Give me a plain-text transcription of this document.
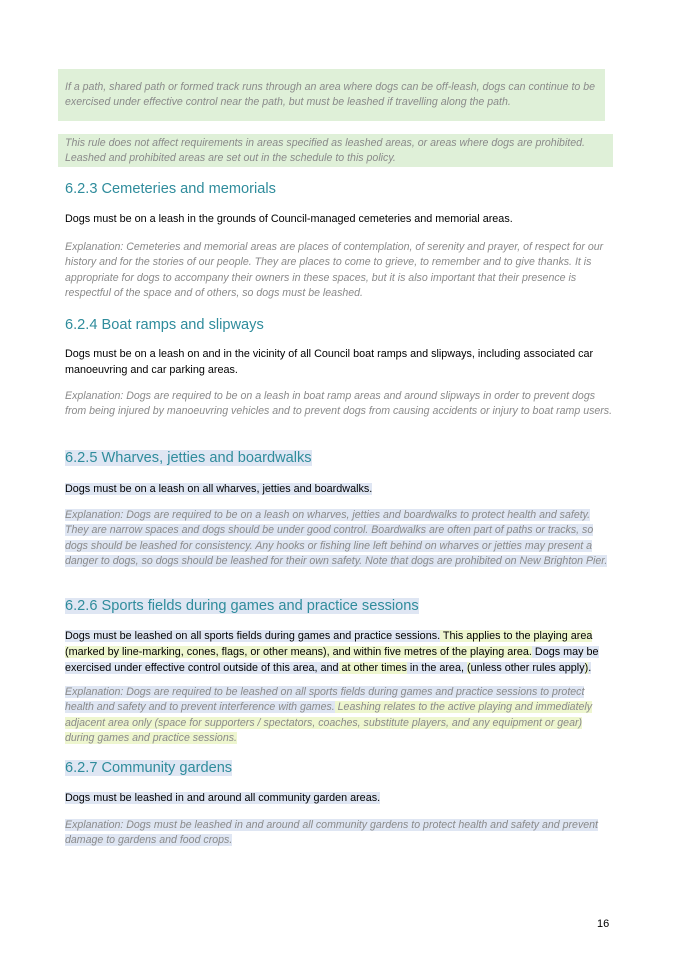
If a path, shared path or formed track runs through an area where dogs can be off-leash, dogs can continue to be exercised under effective control near the path, but must be leashed if travelling along the path.
This rule does not affect requirements in areas specified as leashed areas, or areas where dogs are prohibited. Leashed and prohibited areas are set out in the schedule to this policy.
6.2.3 Cemeteries and memorials
Dogs must be on a leash in the grounds of Council-managed cemeteries and memorial areas.
Explanation: Cemeteries and memorial areas are places of contemplation, of serenity and prayer, of respect for our history and for the stories of our people. They are places to come to grieve, to remember and to give thanks. It is appropriate for dogs to accompany their owners in these spaces, but it is also important that their presence is respectful of the space and of others, so dogs must be leashed.
6.2.4 Boat ramps and slipways
Dogs must be on a leash on and in the vicinity of all Council boat ramps and slipways, including associated car manoeuvring and car parking areas.
Explanation: Dogs are required to be on a leash in boat ramp areas and around slipways in order to prevent dogs from being injured by manoeuvring vehicles and to prevent dogs from causing accidents or injury to boat ramp users.
6.2.5 Wharves, jetties and boardwalks
Dogs must be on a leash on all wharves, jetties and boardwalks.
Explanation: Dogs are required to be on a leash on wharves, jetties and boardwalks to protect health and safety. They are narrow spaces and dogs should be under good control. Boardwalks are often part of paths or tracks, so dogs should be leashed for consistency. Any hooks or fishing line left behind on wharves or jetties may present a danger to dogs, so dogs should be leashed for their own safety. Note that dogs are prohibited on New Brighton Pier.
6.2.6 Sports fields during games and practice sessions
Dogs must be leashed on all sports fields during games and practice sessions. This applies to the playing area (marked by line-marking, cones, flags, or other means), and within five metres of the playing area. Dogs may be exercised under effective control outside of this area, and at other times in the area, (unless other rules apply).
Explanation: Dogs are required to be leashed on all sports fields during games and practice sessions to protect health and safety and to prevent interference with games. Leashing relates to the active playing and immediately adjacent area only (space for supporters / spectators, coaches, substitute players, and any equipment or gear) during games and practice sessions.
6.2.7 Community gardens
Dogs must be leashed in and around all community garden areas.
Explanation: Dogs must be leashed in and around all community gardens to protect health and safety and prevent damage to gardens and food crops.
16
